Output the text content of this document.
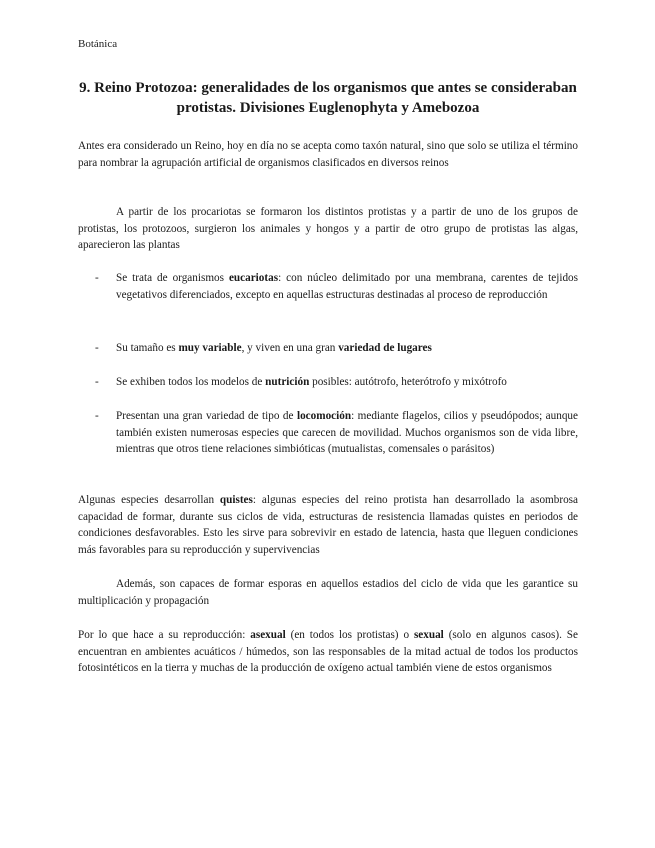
Botánica
9. Reino Protozoa: generalidades de los organismos que antes se consideraban protistas. Divisiones Euglenophyta y Amebozoa
Antes era considerado un Reino, hoy en día no se acepta como taxón natural, sino que solo se utiliza el término para nombrar la agrupación artificial de organismos clasificados en diversos reinos
A partir de los procariotas se formaron los distintos protistas y a partir de uno de los grupos de protistas, los protozoos, surgieron los animales y hongos y a partir de otro grupo de protistas las algas, aparecieron las plantas
- Se trata de organismos eucariotas: con núcleo delimitado por una membrana, carentes de tejidos vegetativos diferenciados, excepto en aquellas estructuras destinadas al proceso de reproducción
- Su tamaño es muy variable, y viven en una gran variedad de lugares
- Se exhiben todos los modelos de nutrición posibles: autótrofo, heterótrofo y mixótrofo
- Presentan una gran variedad de tipo de locomoción: mediante flagelos, cilios y pseudópodos; aunque también existen numerosas especies que carecen de movilidad. Muchos organismos son de vida libre, mientras que otros tiene relaciones simbióticas (mutualistas, comensales o parásitos)
Algunas especies desarrollan quistes: algunas especies del reino protista han desarrollado la asombrosa capacidad de formar, durante sus ciclos de vida, estructuras de resistencia llamadas quistes en periodos de condiciones desfavorables. Esto les sirve para sobrevivir en estado de latencia, hasta que lleguen condiciones más favorables para su reproducción y supervivencias
Además, son capaces de formar esporas en aquellos estadios del ciclo de vida que les garantice su multiplicación y propagación
Por lo que hace a su reproducción: asexual (en todos los protistas) o sexual (solo en algunos casos). Se encuentran en ambientes acuáticos / húmedos, son las responsables de la mitad actual de todos los productos fotosintéticos en la tierra y muchas de la producción de oxígeno actual también viene de estos organismos
